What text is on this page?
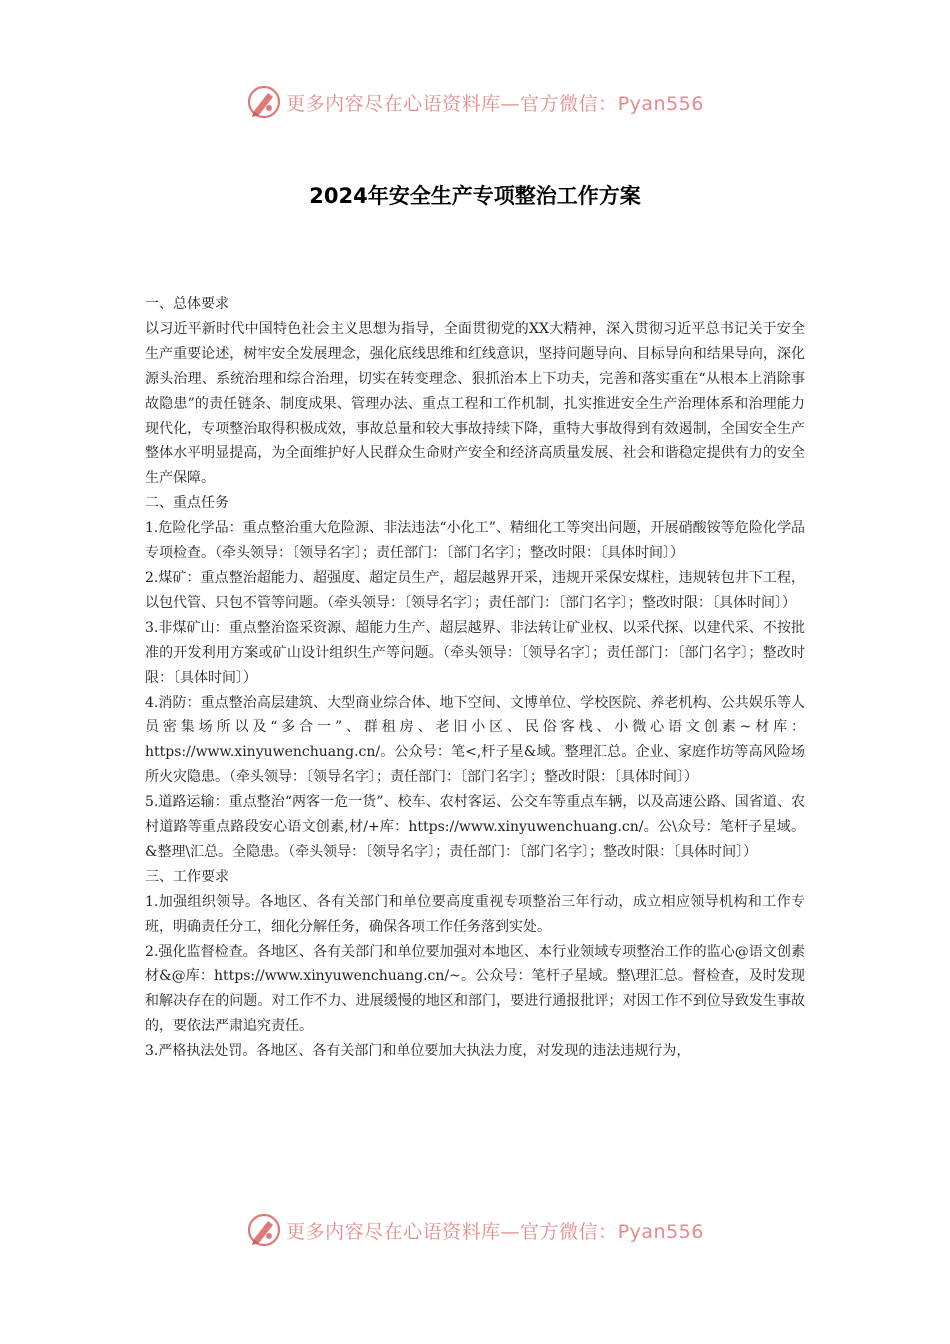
更多内容尽在心语资料库—官方微信：Pyan556
2024年安全生产专项整治工作方案

一、总体要求

以习近平新时代中国特色社会主义思想为指导，全面贯彻党的XX大精神，深入贯彻习近平总书记关于安全生产重要论述，树牢安全发展理念，强化底线思维和红线意识，坚持问题导向、目标导向和结果导向，深化源头治理、系统治理和综合治理，切实在转变理念、狠抓治本上下功夫，完善和落实重在“从根本上消除事故隐患”的责任链条、制度成果、管理办法、重点工程和工作机制，扎实推进安全生产治理体系和治理能力现代化，专项整治取得积极成效，事故总量和较大事故持续下降，重特大事故得到有效遏制，全国安全生产整体水平明显提高，为全面维护好人民群众生命财产安全和经济高质量发展、社会和谐稳定提供有力的安全生产保障。

二、重点任务

1.危险化学品：重点整治重大危险源、非法违法“小化工”、精细化工等突出问题，开展硝酸铵等危险化学品专项检查。（牵头领导：〔领导名字〕；责任部门：〔部门名字〕；整改时限：〔具体时间〕）

2.煤矿：重点整治超能力、超强度、超定员生产，超层越界开采，违规开采保安煤柱，违规转包井下工程，以包代管、只包不管等问题。（牵头领导：〔领导名字〕；责任部门：〔部门名字〕；整改时限：〔具体时间〕）

3.非煤矿山：重点整治盗采资源、超能力生产、超层越界、非法转让矿业权、以采代探、以建代采、不按批准的开发利用方案或矿山设计组织生产等问题。（牵头领导：〔领导名字〕；责任部门：〔部门名字〕；整改时限：〔具体时间〕）

4.消防：重点整治高层建筑、大型商业综合体、地下空间、文博单位、学校医院、养老机构、公共娱乐等人员密集场所以及“多合一”、群租房、老旧小区、民俗客栈、小微心语文创素~材库：https://www.xinyuwenchuang.cn/。公众号：笔<,杆子星&域。整理汇总。企业、家庭作坊等高风险场所火灾隐患。（牵头领导：〔领导名字〕；责任部门：〔部门名字〕；整改时限：〔具体时间〕）

5.道路运输：重点整治“两客一危一货”、校车、农村客运、公交车等重点车辆，以及高速公路、国省道、农村道路等重点路段安心语文创素,材/+库：https://www.xinyuwenchuang.cn/。公\众号：笔杆子星域。&整理\汇总。全隐患。（牵头领导：〔领导名字〕；责任部门：〔部门名字〕；整改时限：〔具体时间〕）

三、工作要求

1.加强组织领导。各地区、各有关部门和单位要高度重视专项整治三年行动，成立相应领导机构和工作专班，明确责任分工，细化分解任务，确保各项工作任务落到实处。

2.强化监督检查。各地区、各有关部门和单位要加强对本地区、本行业领域专项整治工作的监心@语文创素材&@库：https://www.xinyuwenchuang.cn/~。公众号：笔杆子星域。整\理汇总。督检查，及时发现和解决存在的问题。对工作不力、进展缓慢的地区和部门，要进行通报批评；对因工作不到位导致发生事故的，要依法严肃追究责任。

3.严格执法处罚。各地区、各有关部门和单位要加大执法力度，对发现的违法违规行为，

更多内容尽在心语资料库—官方微信：Pyan556
